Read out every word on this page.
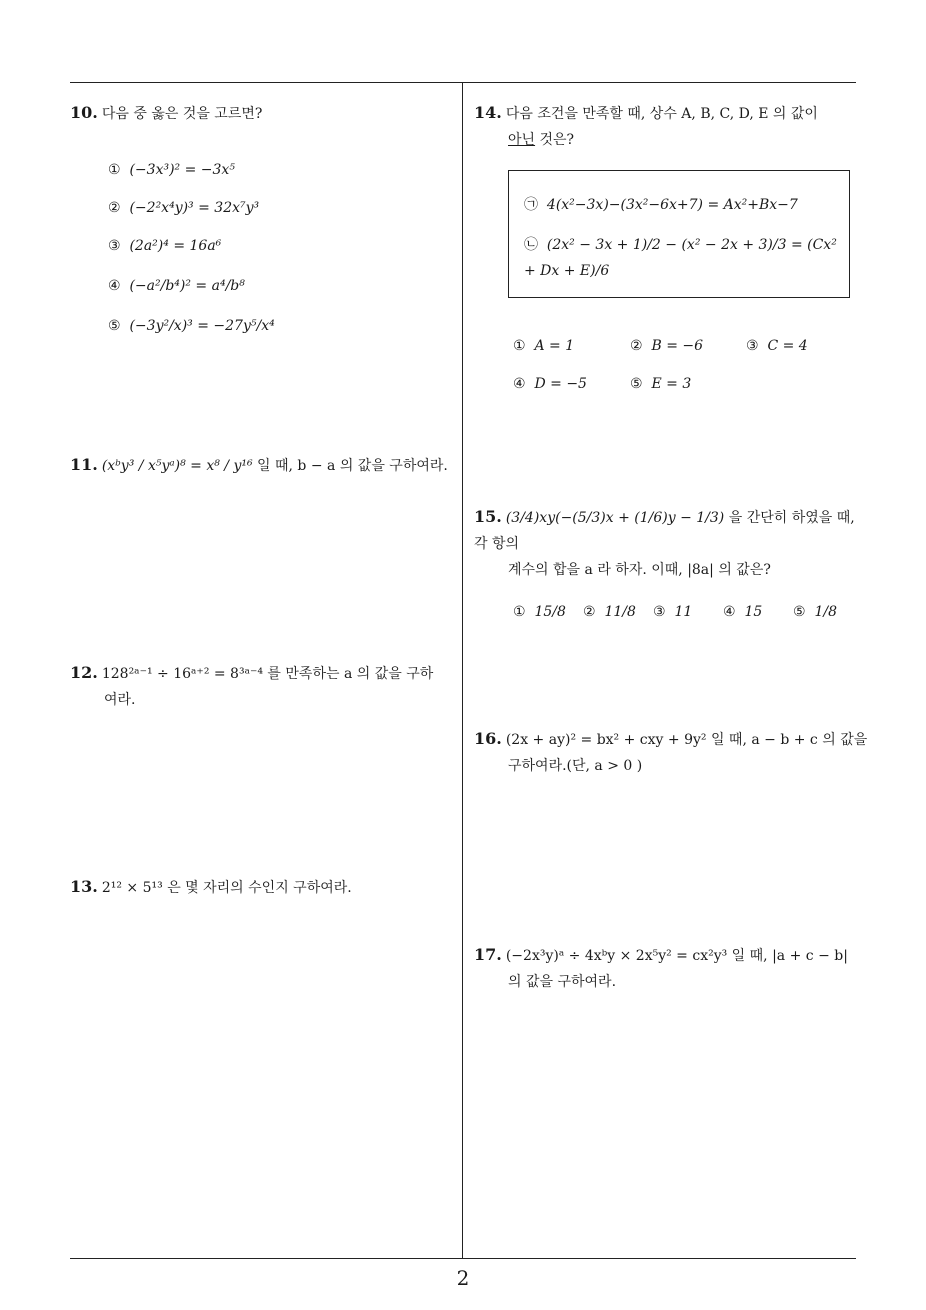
10. 다음 중 옳은 것을 고르면?
① (−3x³)² = −3x⁵
② (−2²x⁴y)³ = 32x⁷y³
③ (2a²)⁴ = 16a⁶
④ (−a²/b⁴)² = a⁴/b⁸
⑤ (−3y²/x)³ = −27y⁵/x⁴
11. (xᵇy³ / x⁵yᵃ)⁸ = x⁸ / y¹⁶ 일 때, b − a 의 값을 구하여라.
12. 128²ᵃ⁻¹ ÷ 16ᵃ⁺² = 8³ᵃ⁻⁴ 를 만족하는 a 의 값을 구하
여라.
13. 2¹² × 5¹³ 은 몇 자리의 수인지 구하여라.
14. 다음 조건을 만족할 때, 상수 A, B, C, D, E 의 값이
아닌 것은?
㉠ 4(x²−3x)−(3x²−6x+7) = Ax²+Bx−7
㉡ (2x² − 3x + 1)/2 − (x² − 2x + 3)/3 = (Cx² + Dx + E)/6
① A = 1	② B = −6	③ C = 4
④ D = −5	⑤ E = 3
15. (3/4)xy(−(5/3)x + (1/6)y − 1/3) 을 간단히 하였을 때, 각 항의
계수의 합을 a 라 하자. 이때, |8a| 의 값은?
① 15/8 ② 11/8 ③ 11 ④ 15 ⑤ 1/8
16. (2x + ay)² = bx² + cxy + 9y² 일 때, a − b + c 의 값을
구하여라.(단, a > 0 )
17. (−2x³y)ᵃ ÷ 4xᵇy × 2x⁵y² = cx²y³ 일 때, |a + c − b|
의 값을 구하여라.
2
